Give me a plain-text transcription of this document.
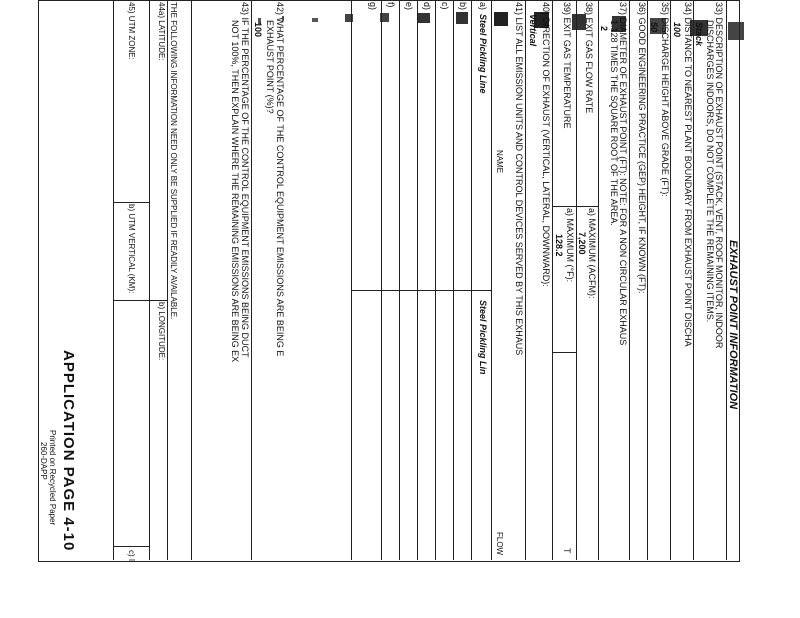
EXHAUST POINT INFORMATION
33) DESCRIPTION OF EXHAUST POINT (STACK, VENT, ROOF MONITOR, INDOOR
DISCHARGES INDOORS, DO NOT COMPLETE THE REMAINING ITEMS.
Stack
34) DISTANCE TO NEAREST PLANT BOUNDARY FROM EXHAUST POINT DISCHA
100
35) DISCHARGE HEIGHT ABOVE GRADE (FT):
50
36) GOOD ENGINEERING PRACTICE (GEP) HEIGHT, IF KNOWN (FT):
37) DIAMETER OF EXHAUST POINT (FT): NOTE: FOR A NON CIRCULAR EXHAUS
1.128 TIMES THE SQUARE ROOT OF THE AREA.
2
38) EXIT GAS FLOW RATE
a) MAXIMUM (ACFM):
7,200
39) EXIT GAS TEMPERATURE
a) MAXIMUM (°F):
128.2
T
40) DIRECTION OF EXHAUST (VERTICAL, LATERAL, DOWNWARD):
Vertical
41) LIST ALL EMISSION UNITS AND CONTROL DEVICES SERVED BY THIS EXHAUS
NAME
FLOW
a)
Steel Pickling Line
Steel Pickling Lin
b)
c)
d)
e)
f)
g)
42) WHAT PERCENTAGE OF THE CONTROL EQUIPMENT EMISSIONS ARE BEING E
EXHAUST POINT (%)?
100
43) IF THE PERCENTAGE OF THE CONTROL EQUIPMENT EMISSIONS BEING DUCT
NOT 100%, THEN EXPLAIN WHERE THE REMAINING EMISSIONS ARE BEING EX
THE FOLLOWING INFORMATION NEED ONLY BE SUPPLIED IF READILY AVAILABLE.
44a) LATITUDE:
b) LONGITUDE:
45) UTM ZONE:
b) UTM VERTICAL (KM):
c) I
APPLICATION PAGE 4-10
Printed on Recycled Paper
260-DAPP
